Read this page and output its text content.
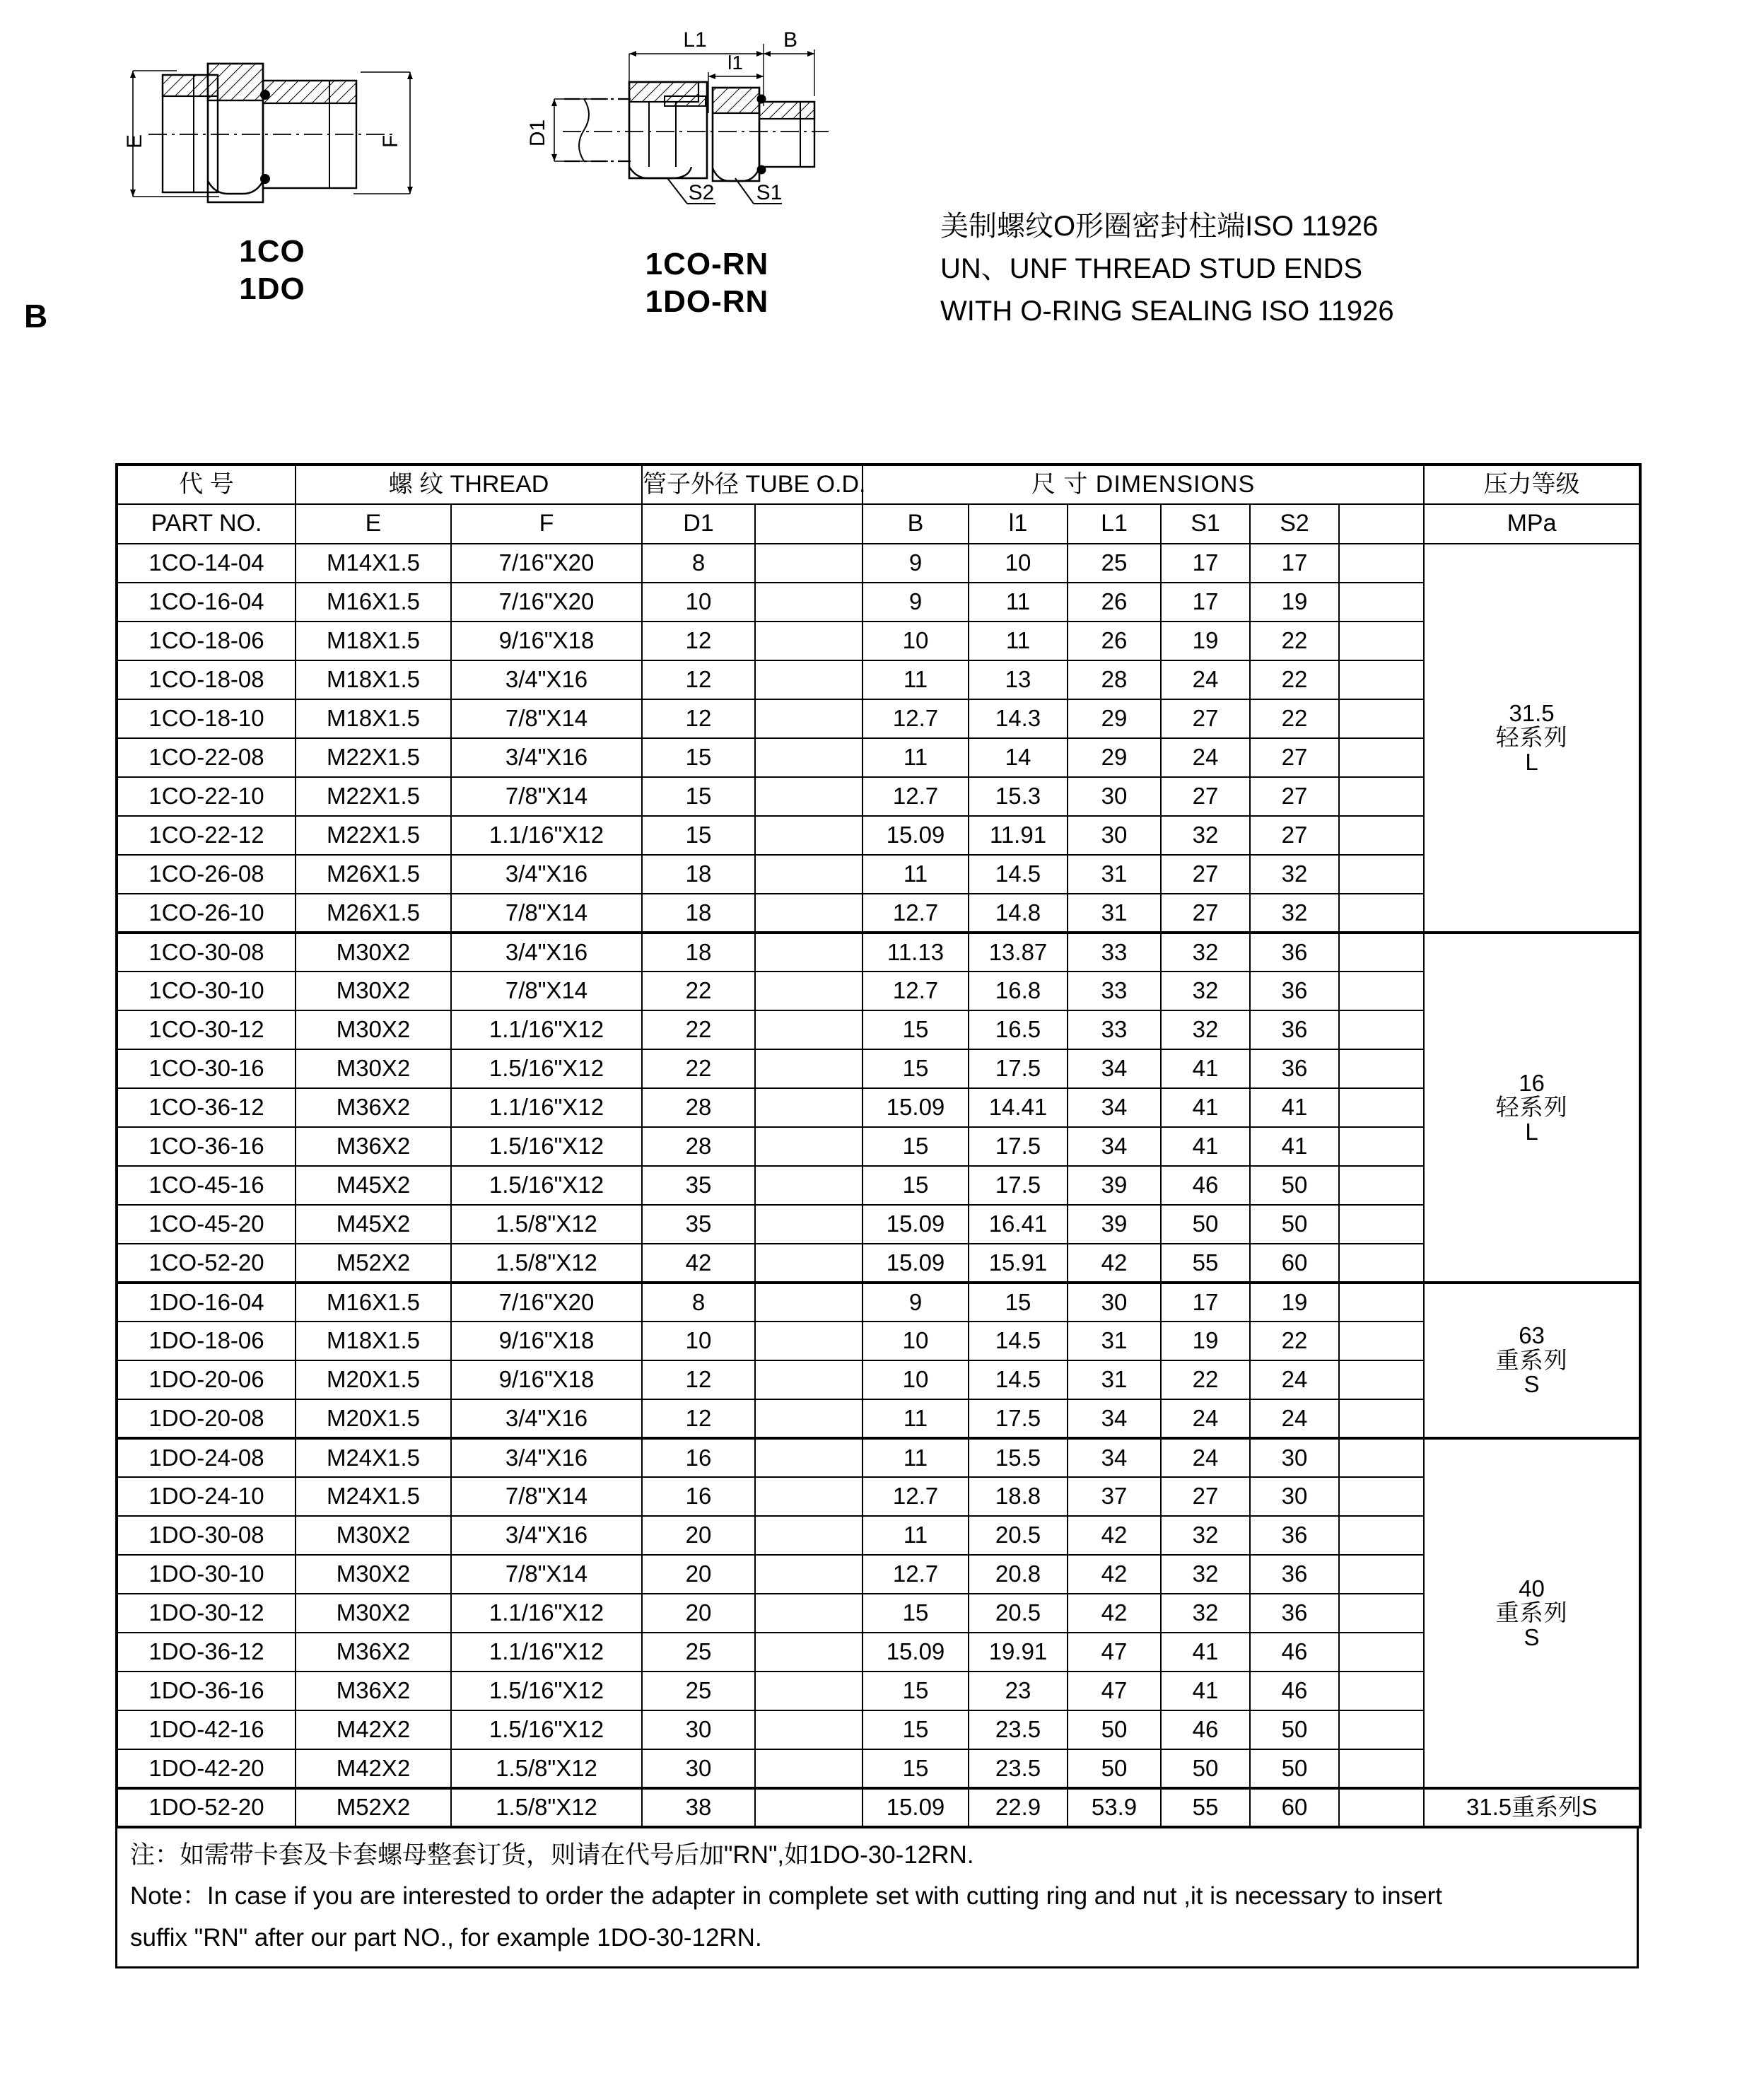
B
E	F
1CO
1DO
L1	B
l1
D1
S2 S1
1CO-RN
1DO-RN
美制螺纹O形圈密封柱端ISO 11926
UN、UNF THREAD STUD ENDS
WITH O-RING SEALING ISO 11926
代 号	螺 纹 THREAD		管子外径 TUBE O.D.		尺 寸 DIMENSIONS						压力等级
PART NO.	E	F	D1		B	l1	L1	S1	S2		MPa
1CO-14-04	M14X1.5	7/16"X20	8		9	10	25	17	17		31.5
轻系列
L

1CO-16-04	M16X1.5	7/16"X20	10		9	11	26	17	19		
1CO-18-06	M18X1.5	9/16"X18	12		10	11	26	19	22		
1CO-18-08	M18X1.5	3/4"X16	12		11	13	28	24	22		
1CO-18-10	M18X1.5	7/8"X14	12		12.7	14.3	29	27	22		
1CO-22-08	M22X1.5	3/4"X16	15		11	14	29	24	27		
1CO-22-10	M22X1.5	7/8"X14	15		12.7	15.3	30	27	27		
1CO-22-12	M22X1.5	1.1/16"X12	15		15.09	11.91	30	32	27		
1CO-26-08	M26X1.5	3/4"X16	18		11	14.5	31	27	32		
1CO-26-10	M26X1.5	7/8"X14	18		12.7	14.8	31	27	32		
1CO-30-08	M30X2	3/4"X16	18		11.13	13.87	33	32	36		16
轻系列
L

1CO-30-10	M30X2	7/8"X14	22		12.7	16.8	33	32	36		
1CO-30-12	M30X2	1.1/16"X12	22		15	16.5	33	32	36		
1CO-30-16	M30X2	1.5/16"X12	22		15	17.5	34	41	36		
1CO-36-12	M36X2	1.1/16"X12	28		15.09	14.41	34	41	41		
1CO-36-16	M36X2	1.5/16"X12	28		15	17.5	34	41	41		
1CO-45-16	M45X2	1.5/16"X12	35		15	17.5	39	46	50		
1CO-45-20	M45X2	1.5/8"X12	35		15.09	16.41	39	50	50		
1CO-52-20	M52X2	1.5/8"X12	42		15.09	15.91	42	55	60		
1DO-16-04	M16X1.5	7/16"X20	8		9	15	30	17	19		63
重系列
S

1DO-18-06	M18X1.5	9/16"X18	10		10	14.5	31	19	22		
1DO-20-06	M20X1.5	9/16"X18	12		10	14.5	31	22	24		
1DO-20-08	M20X1.5	3/4"X16	12		11	17.5	34	24	24		
1DO-24-08	M24X1.5	3/4"X16	16		11	15.5	34	24	30		40
重系列
S

1DO-24-10	M24X1.5	7/8"X14	16		12.7	18.8	37	27	30		
1DO-30-08	M30X2	3/4"X16	20		11	20.5	42	32	36		
1DO-30-10	M30X2	7/8"X14	20		12.7	20.8	42	32	36		
1DO-30-12	M30X2	1.1/16"X12	20		15	20.5	42	32	36		
1DO-36-12	M36X2	1.1/16"X12	25		15.09	19.91	47	41	46		
1DO-36-16	M36X2	1.5/16"X12	25		15	23	47	41	46		
1DO-42-16	M42X2	1.5/16"X12	30		15	23.5	50	46	50		
1DO-42-20	M42X2	1.5/8"X12	30		15	23.5	50	50	50		
1DO-52-20	M52X2	1.5/8"X12	38		15.09	22.9	53.9	55	60		31.5重系列S

注：如需带卡套及卡套螺母整套订货，则请在代号后加"RN",如1DO-30-12RN.

Note：In case if you are interested to order the adapter in complete set with cutting ring and nut ,it is necessary to insert

suffix "RN" after our part NO., for example 1DO-30-12RN.
